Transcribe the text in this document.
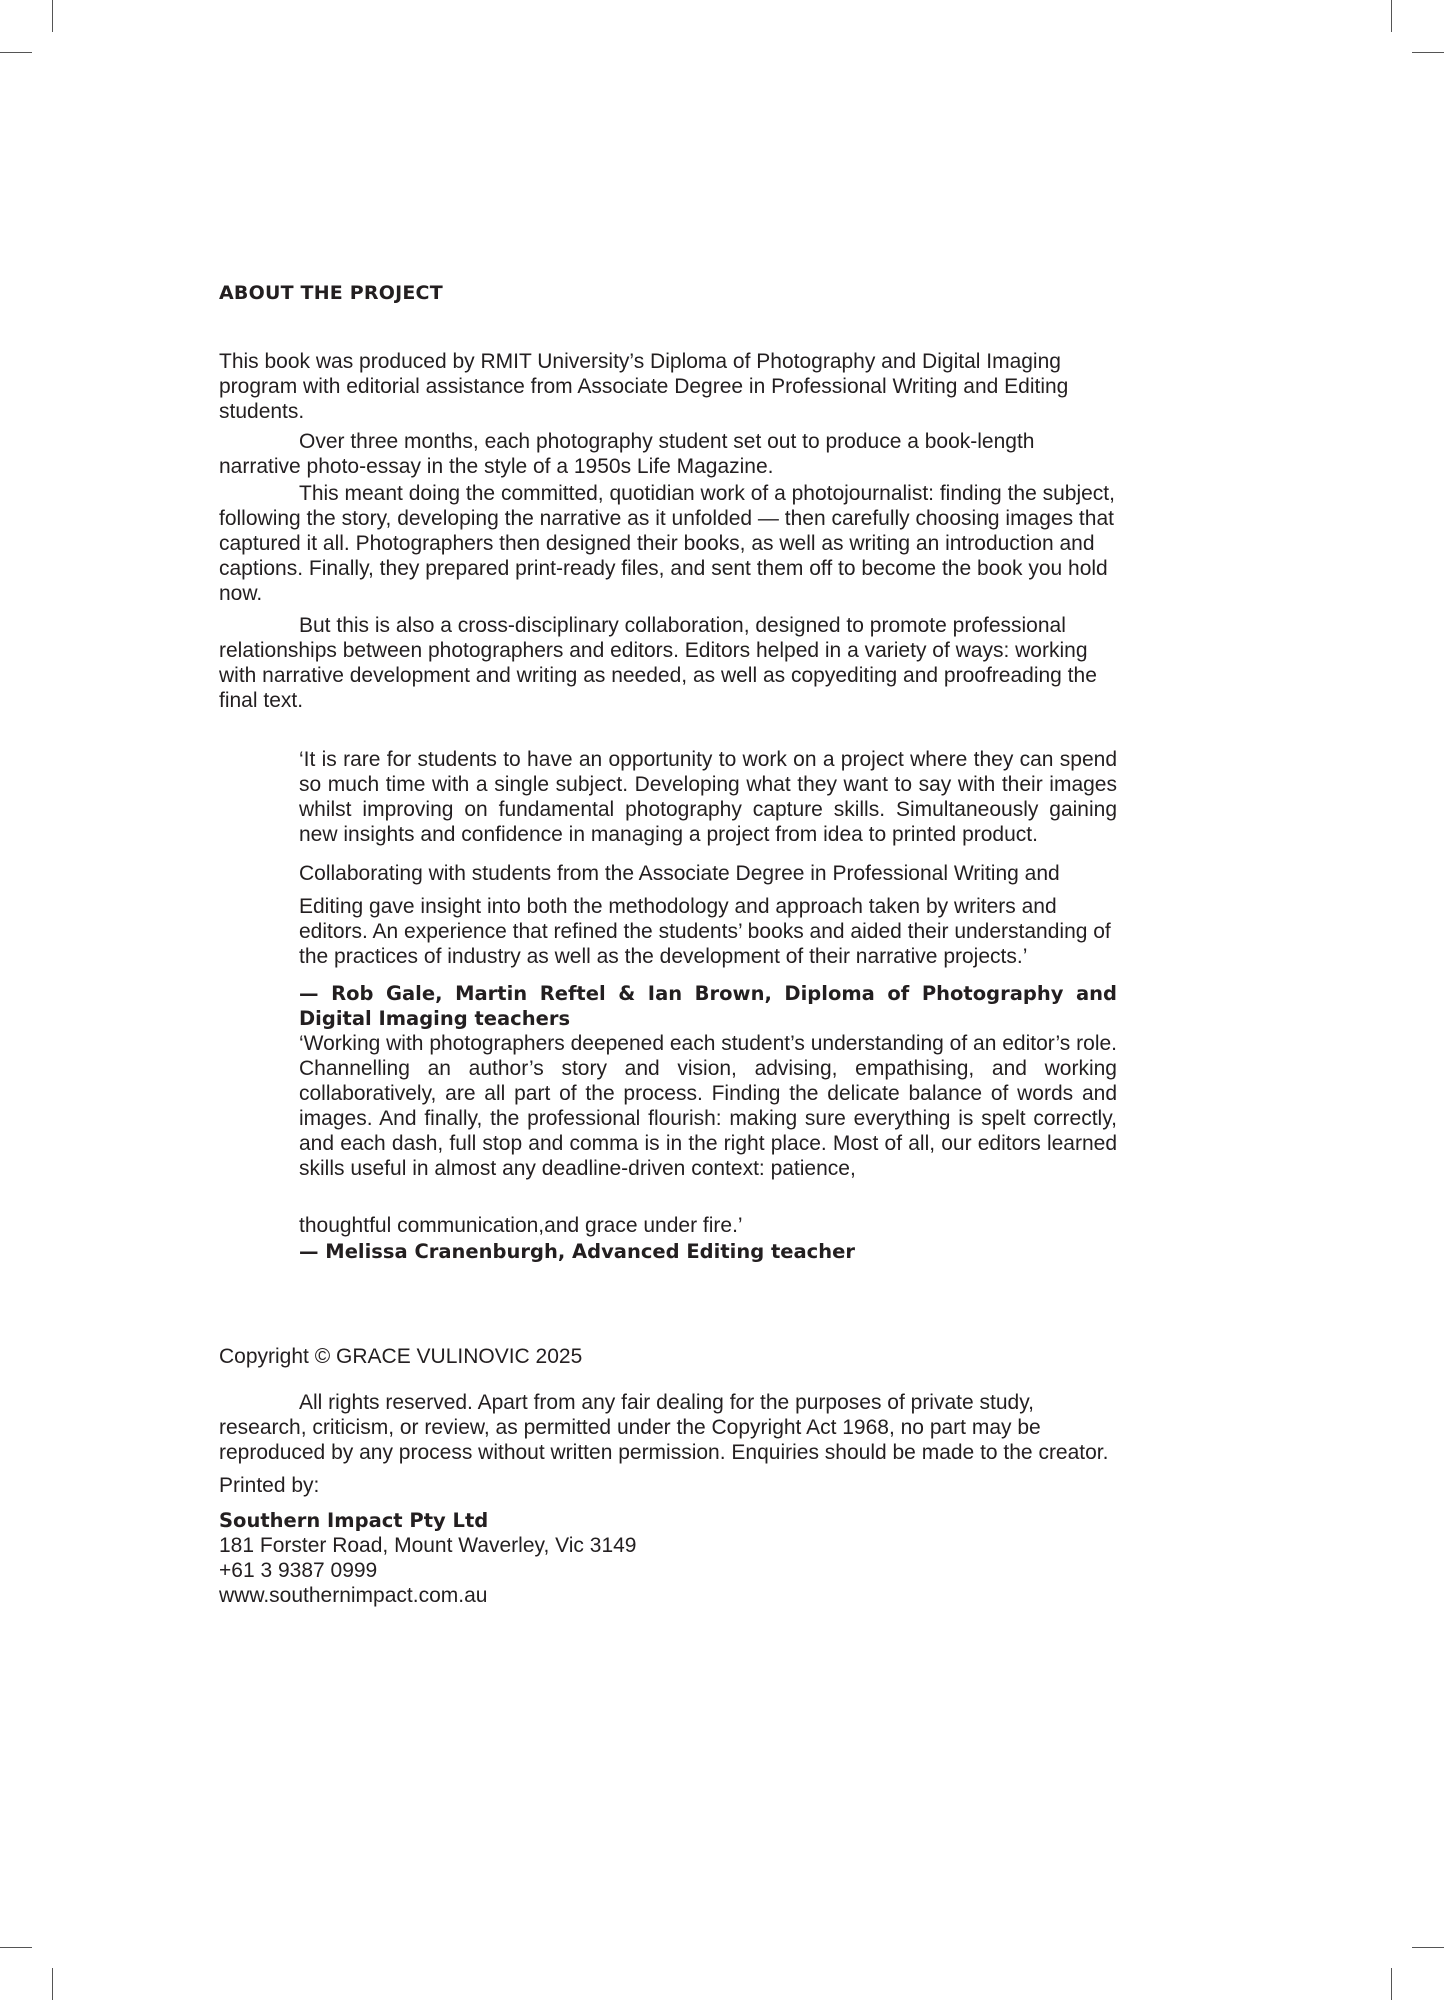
ABOUT THE PROJECT

This book was produced by RMIT University’s Diploma of Photography and Digital Imaging program with editorial assistance from Associate Degree in Professional Writing and Editing students.

Over three months, each photography student set out to produce a book-length narrative photo-essay in the style of a 1950s Life Magazine.

This meant doing the committed, quotidian work of a photojournalist: finding the subject, following the story, developing the narrative as it unfolded — then carefully choosing images that captured it all. Photographers then designed their books, as well as writing an introduction and captions. Finally, they prepared print-ready files, and sent them off to become the book you hold now.

But this is also a cross-disciplinary collaboration, designed to promote professional relationships between photographers and editors. Editors helped in a variety of ways: working with narrative development and writing as needed, as well as copyediting and proofreading the final text.

‘It is rare for students to have an opportunity to work on a project where they can spend so much time with a single subject. Developing what they want to say with their images whilst improving on fundamental photography capture skills. Simultaneously gaining new insights and confidence in managing a project from idea to printed product.

Collaborating with students from the Associate Degree in Professional Writing and

Editing gave insight into both the methodology and approach taken by writers and editors. An experience that refined the students’ books and aided their understanding of the practices of industry as well as the development of their narrative projects.’

— Rob Gale, Martin Reftel & Ian Brown, Diploma of Photography and Digital Imaging teachers

‘Working with photographers deepened each student’s understanding of an editor’s role. Channelling an author’s story and vision, advising, empathising, and working collaboratively, are all part of the process. Finding the delicate balance of words and images. And finally, the professional flourish: making sure everything is spelt correctly, and each dash, full stop and comma is in the right place. Most of all, our editors learned skills useful in almost any deadline-driven context: patience,

thoughtful communication,and grace under fire.’

— Melissa Cranenburgh, Advanced Editing teacher

Copyright © GRACE VULINOVIC 2025

All rights reserved. Apart from any fair dealing for the purposes of private study, research, criticism, or review, as permitted under the Copyright Act 1968, no part may be reproduced by any process without written permission. Enquiries should be made to the creator.

Printed by:

Southern Impact Pty Ltd

181 Forster Road, Mount Waverley, Vic 3149

+61 3 9387 0999

www.southernimpact.com.au
